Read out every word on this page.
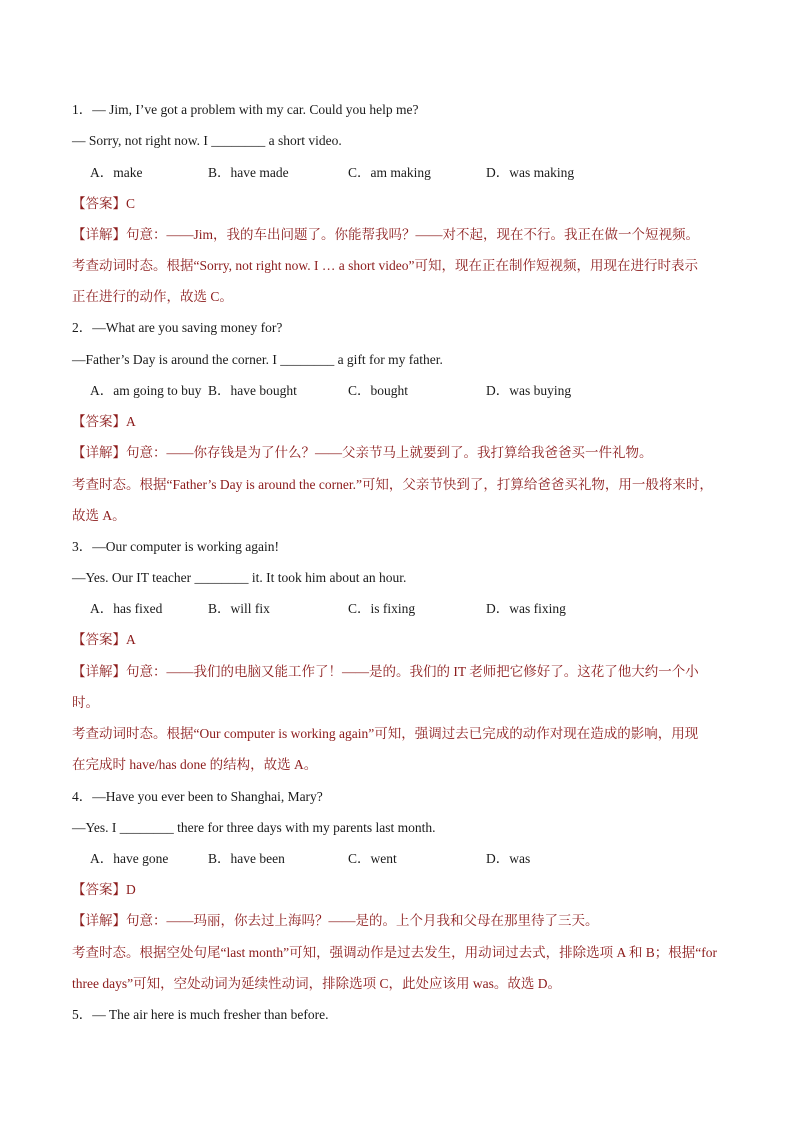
1．— Jim, I’ve got a problem with my car. Could you help me?
— Sorry, not right now. I ________ a short video.
A．make	B．have made	C．am making	D．was making
【答案】C
【详解】句意：——Jim，我的车出问题了。你能帮我吗？——对不起，现在不行。我正在做一个短视频。
考查动词时态。根据“Sorry, not right now. I … a short video”可知，现在正在制作短视频，用现在进行时表示
正在进行的动作，故选 C。
2．—What are you saving money for?
—Father’s Day is around the corner. I ________ a gift for my father.
A．am going to buy B．have bought	C．bought	D．was buying
【答案】A
【详解】句意：——你存钱是为了什么？——父亲节马上就要到了。我打算给我爸爸买一件礼物。
考查时态。根据“Father’s Day is around the corner.”可知，父亲节快到了，打算给爸爸买礼物，用一般将来时，
故选 A。
3．—Our computer is working again!
—Yes. Our IT teacher ________ it. It took him about an hour.
A．has fixed	B．will fix	C．is fixing	D．was fixing
【答案】A
【详解】句意：——我们的电脑又能工作了！——是的。我们的 IT 老师把它修好了。这花了他大约一个小
时。
考查动词时态。根据“Our computer is working again”可知，强调过去已完成的动作对现在造成的影响，用现
在完成时 have/has done 的结构，故选 A。
4．—Have you ever been to Shanghai, Mary?
—Yes. I ________ there for three days with my parents last month.
A．have gone	B．have been	C．went	D．was
【答案】D
【详解】句意：——玛丽，你去过上海吗？——是的。上个月我和父母在那里待了三天。
考查时态。根据空处句尾“last month”可知，强调动作是过去发生，用动词过去式，排除选项 A 和 B；根据“for
three days”可知，空处动词为延续性动词，排除选项 C，此处应该用 was。故选 D。
5．— The air here is much fresher than before.
